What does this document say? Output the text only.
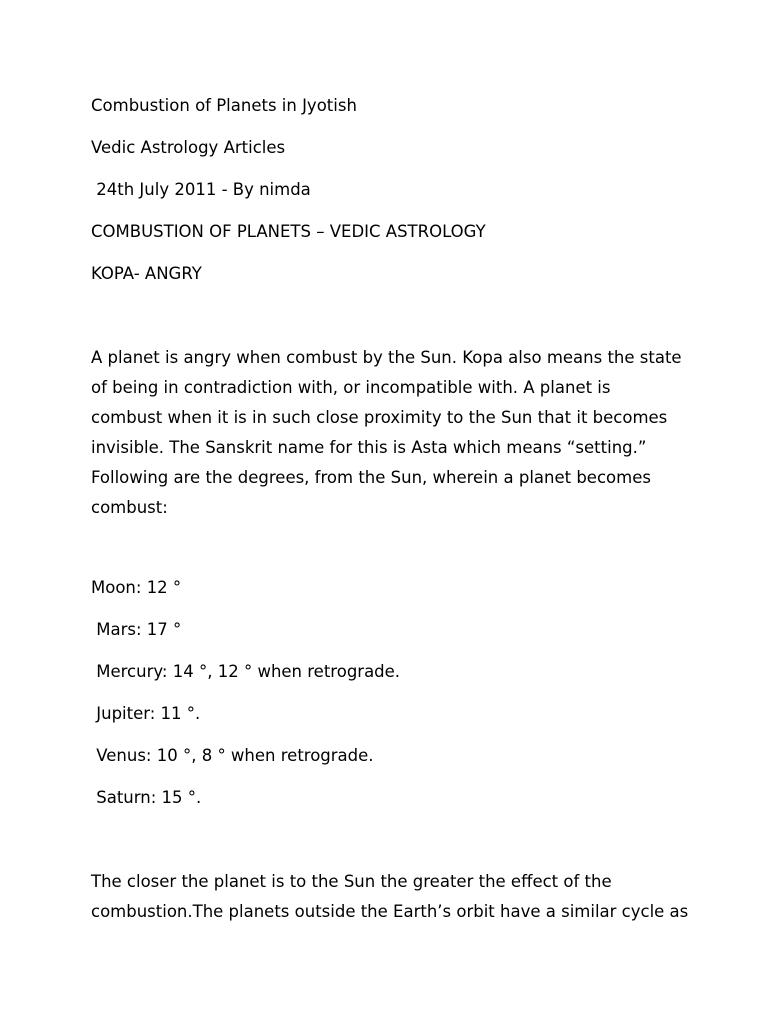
Combustion of Planets in Jyotish
Vedic Astrology Articles
24th July 2011 - By nimda
COMBUSTION OF PLANETS – VEDIC ASTROLOGY
KOPA- ANGRY
A planet is angry when combust by the Sun. Kopa also means the state
of being in contradiction with, or incompatible with. A planet is
combust when it is in such close proximity to the Sun that it becomes
invisible. The Sanskrit name for this is Asta which means “setting.”
Following are the degrees, from the Sun, wherein a planet becomes
combust:
Moon: 12 °
Mars: 17 °
Mercury: 14 °, 12 ° when retrograde.
Jupiter: 11 °.
Venus: 10 °, 8 ° when retrograde.
Saturn: 15 °.
The closer the planet is to the Sun the greater the effect of the
combustion.The planets outside the Earth’s orbit have a similar cycle as
